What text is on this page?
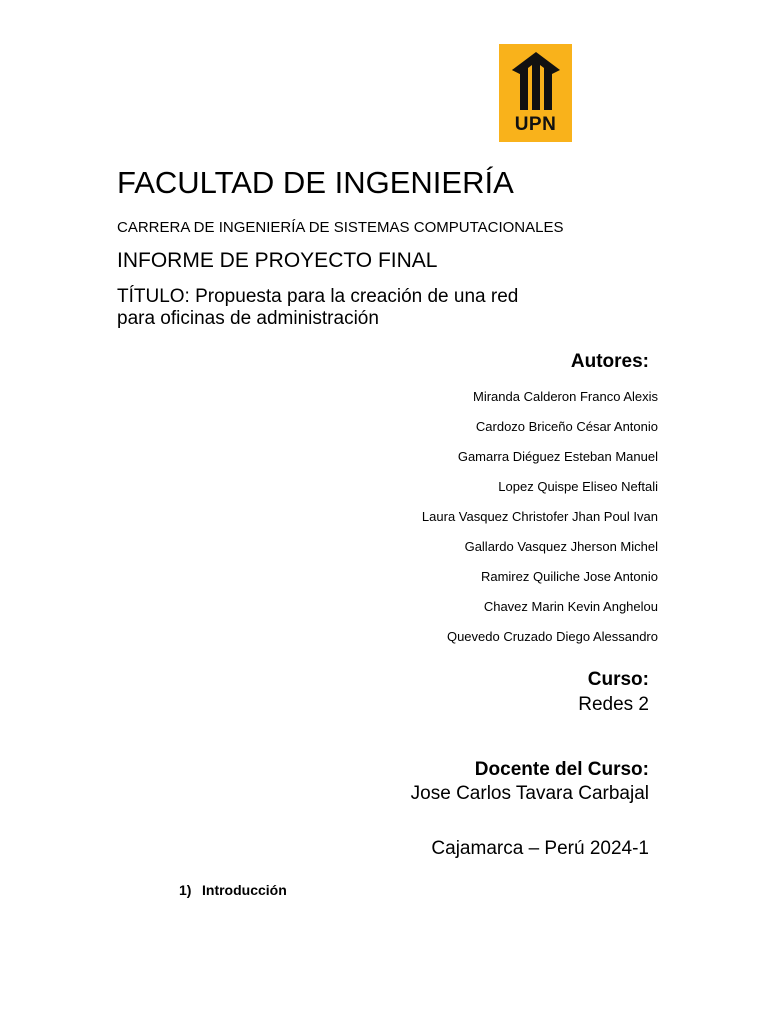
UPN
FACULTAD DE INGENIERÍA
CARRERA DE INGENIERÍA DE SISTEMAS COMPUTACIONALES
INFORME DE PROYECTO FINAL
TÍTULO: Propuesta para la creación de una red
para oficinas de administración
Autores:
Miranda Calderon Franco Alexis
Cardozo Briceño César Antonio
Gamarra Diéguez Esteban Manuel
Lopez Quispe Eliseo Neftali
Laura Vasquez Christofer Jhan Poul Ivan
Gallardo Vasquez Jherson Michel
Ramirez Quiliche Jose Antonio
Chavez Marin Kevin Anghelou
Quevedo Cruzado Diego Alessandro
Curso:
Redes 2
Docente del Curso:
Jose Carlos Tavara Carbajal
Cajamarca – Perú 2024-1
1) Introducción
